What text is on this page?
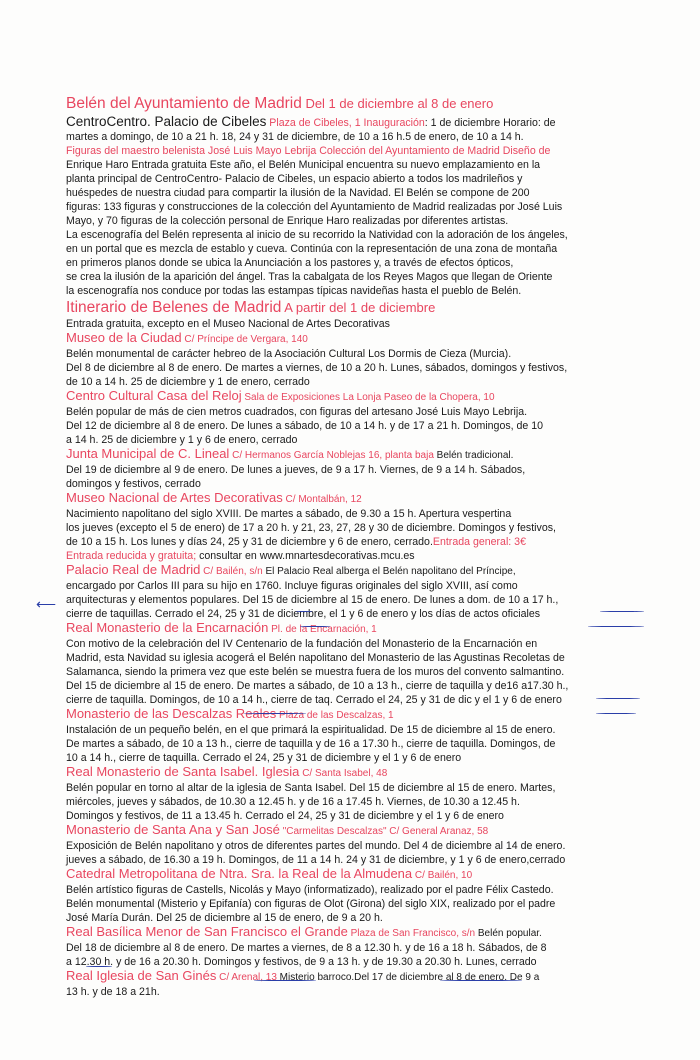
Belén del Ayuntamiento de Madrid Del 1 de diciembre al 8 de enero

CentroCentro. Palacio de Cibeles Plaza de Cibeles, 1 Inauguración: 1 de diciembre Horario: de

martes a domingo, de 10 a 21 h. 18, 24 y 31 de diciembre, de 10 a 16 h.5 de enero, de 10 a 14 h.

Figuras del maestro belenista José Luis Mayo Lebrija Colección del Ayuntamiento de Madrid Diseño de

Enrique Haro Entrada gratuita Este año, el Belén Municipal encuentra su nuevo emplazamiento en la

planta principal de CentroCentro- Palacio de Cibeles, un espacio abierto a todos los madrileños y

huéspedes de nuestra ciudad para compartir la ilusión de la Navidad. El Belén se compone de 200

figuras: 133 figuras y construcciones de la colección del Ayuntamiento de Madrid realizadas por José Luis

Mayo, y 70 figuras de la colección personal de Enrique Haro realizadas por diferentes artistas.

La escenografía del Belén representa al inicio de su recorrido la Natividad con la adoración de los ángeles,

en un portal que es mezcla de establo y cueva. Continúa con la representación de una zona de montaña

en primeros planos donde se ubica la Anunciación a los pastores y, a través de efectos ópticos,

se crea la ilusión de la aparición del ángel. Tras la cabalgata de los Reyes Magos que llegan de Oriente

la escenografía nos conduce por todas las estampas típicas navideñas hasta el pueblo de Belén.

Itinerario de Belenes de Madrid A partir del 1 de diciembre

Entrada gratuita, excepto en el Museo Nacional de Artes Decorativas

Museo de la Ciudad C/ Príncipe de Vergara, 140

Belén monumental de carácter hebreo de la Asociación Cultural Los Dormis de Cieza (Murcia).

Del 8 de diciembre al 8 de enero. De martes a viernes, de 10 a 20 h. Lunes, sábados, domingos y festivos,

de 10 a 14 h. 25 de diciembre y 1 de enero, cerrado

Centro Cultural Casa del Reloj Sala de Exposiciones La Lonja Paseo de la Chopera, 10

Belén popular de más de cien metros cuadrados, con figuras del artesano José Luis Mayo Lebrija.

Del 12 de diciembre al 8 de enero. De lunes a sábado, de 10 a 14 h. y de 17 a 21 h. Domingos, de 10

a 14 h. 25 de diciembre y 1 y 6 de enero, cerrado

Junta Municipal de C. Lineal C/ Hermanos García Noblejas 16, planta baja Belén tradicional.

Del 19 de diciembre al 9 de enero. De lunes a jueves, de 9 a 17 h. Viernes, de 9 a 14 h. Sábados,

domingos y festivos, cerrado

Museo Nacional de Artes Decorativas C/ Montalbán, 12

Nacimiento napolitano del siglo XVIII. De martes a sábado, de 9.30 a 15 h. Apertura vespertina

los jueves (excepto el 5 de enero) de 17 a 20 h. y 21, 23, 27, 28 y 30 de diciembre. Domingos y festivos,

de 10 a 15 h. Los lunes y días 24, 25 y 31 de diciembre y 6 de enero, cerrado.Entrada general: 3€

Entrada reducida y gratuita; consultar en www.mnartesdecorativas.mcu.es

Palacio Real de Madrid C/ Bailén, s/n El Palacio Real alberga el Belén napolitano del Príncipe,

encargado por Carlos III para su hijo en 1760. Incluye figuras originales del siglo XVIII, así como

arquitecturas y elementos populares. Del 15 de diciembre al 15 de enero. De lunes a dom. de 10 a 17 h.,

cierre de taquillas. Cerrado el 24, 25 y 31 de diciembre, el 1 y 6 de enero y los días de actos oficiales

Real Monasterio de la Encarnación Pl. de la Encarnación, 1

Con motivo de la celebración del IV Centenario de la fundación del Monasterio de la Encarnación en

Madrid, esta Navidad su iglesia acogerá el Belén napolitano del Monasterio de las Agustinas Recoletas de

Salamanca, siendo la primera vez que este belén se muestra fuera de los muros del convento salmantino.

Del 15 de diciembre al 15 de enero. De martes a sábado, de 10 a 13 h., cierre de taquilla y de16 a17.30 h.,

cierre de taquilla. Domingos, de 10 a 14 h., cierre de taq. Cerrado el 24, 25 y 31 de dic y el 1 y 6 de enero

Monasterio de las Descalzas Reales Plaza de las Descalzas, 1

Instalación de un pequeño belén, en el que primará la espiritualidad. De 15 de diciembre al 15 de enero.

De martes a sábado, de 10 a 13 h., cierre de taquilla y de 16 a 17.30 h., cierre de taquilla. Domingos, de

10 a 14 h., cierre de taquilla. Cerrado el 24, 25 y 31 de diciembre y el 1 y 6 de enero

Real Monasterio de Santa Isabel. Iglesia C/ Santa Isabel, 48

Belén popular en torno al altar de la iglesia de Santa Isabel. Del 15 de diciembre al 15 de enero. Martes,

miércoles, jueves y sábados, de 10.30 a 12.45 h. y de 16 a 17.45 h. Viernes, de 10.30 a 12.45 h.

Domingos y festivos, de 11 a 13.45 h. Cerrado el 24, 25 y 31 de diciembre y el 1 y 6 de enero

Monasterio de Santa Ana y San José "Carmelitas Descalzas" C/ General Aranaz, 58

Exposición de Belén napolitano y otros de diferentes partes del mundo. Del 4 de diciembre al 14 de enero.

jueves a sábado, de 16.30 a 19 h. Domingos, de 11 a 14 h. 24 y 31 de diciembre, y 1 y 6 de enero,cerrado

Catedral Metropolitana de Ntra. Sra. la Real de la Almudena C/ Bailén, 10

Belén artístico figuras de Castells, Nicolás y Mayo (informatizado), realizado por el padre Félix Castedo.

Belén monumental (Misterio y Epifanía) con figuras de Olot (Girona) del siglo XIX, realizado por el padre

José María Durán. Del 25 de diciembre al 15 de enero, de 9 a 20 h.

Real Basílica Menor de San Francisco el Grande Plaza de San Francisco, s/n Belén popular.

Del 18 de diciembre al 8 de enero. De martes a viernes, de 8 a 12.30 h. y de 16 a 18 h. Sábados, de 8

a 12.30 h. y de 16 a 20.30 h. Domingos y festivos, de 9 a 13 h. y de 19.30 a 20.30 h. Lunes, cerrado

Real Iglesia de San Ginés C/ Arenal, 13 Misterio barroco.Del 17 de diciembre al 8 de enero. De 9 a

13 h. y de 18 a 21h.

⟵
